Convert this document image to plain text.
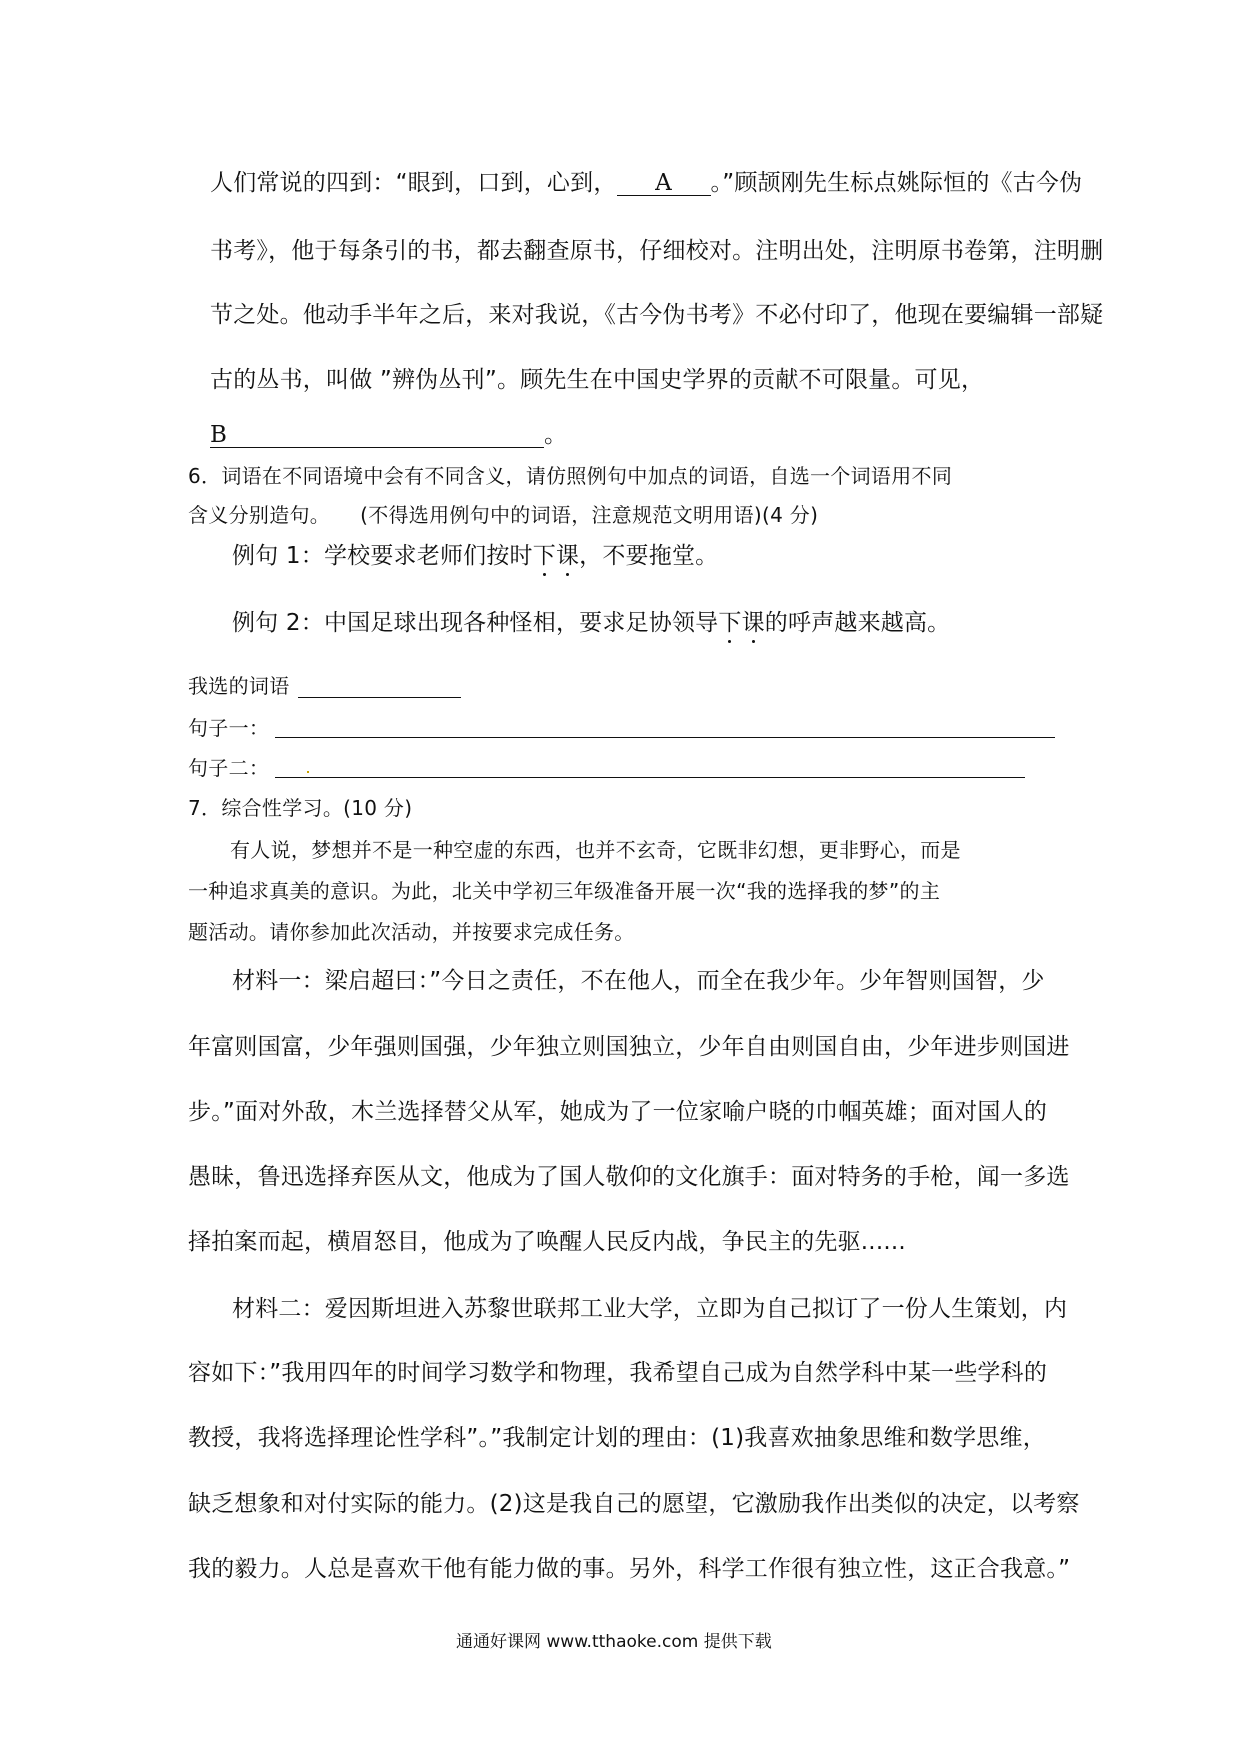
人们常说的四到：“眼到，口到，心到， A 。”顾颉刚先生标点姚际恒的《古今伪
书考》，他于每条引的书，都去翻查原书，仔细校对。注明出处，注明原书卷第，注明删
节之处。他动手半年之后，来对我说，《古今伪书考》不必付印了，他现在要编辑一部疑
古的丛书，叫做 ”辨伪丛刊”。顾先生在中国史学界的贡献不可限量。可见，
B	。
6．词语在不同语境中会有不同含义，请仿照例句中加点的词语，自选一个词语用不同
含义分别造句。 (不得选用例句中的词语，注意规范文明用语)(4 分)
例句 1：学校要求老师们按时下课，不要拖堂。
例句 2：中国足球出现各种怪相，要求足协领导下课的呼声越来越高。
我选的词语
句子一：
句子二：
7．综合性学习。(10 分)
有人说，梦想并不是一种空虚的东西，也并不玄奇，它既非幻想，更非野心，而是
一种追求真美的意识。为此，北关中学初三年级准备开展一次“我的选择我的梦”的主
题活动。请你参加此次活动，并按要求完成任务。
材料一：梁启超曰：”今日之责任，不在他人，而全在我少年。少年智则国智，少
年富则国富，少年强则国强，少年独立则国独立，少年自由则国自由，少年进步则国进
步。”面对外敌，木兰选择替父从军，她成为了一位家喻户晓的巾帼英雄；面对国人的
愚昧，鲁迅选择弃医从文，他成为了国人敬仰的文化旗手：面对特务的手枪，闻一多选
择拍案而起，横眉怒目，他成为了唤醒人民反内战，争民主的先驱......
材料二：爱因斯坦进入苏黎世联邦工业大学，立即为自己拟订了一份人生策划，内
容如下：”我用四年的时间学习数学和物理，我希望自己成为自然学科中某一些学科的
教授，我将选择理论性学科”。”我制定计划的理由：(1)我喜欢抽象思维和数学思维，
缺乏想象和对付实际的能力。(2)这是我自己的愿望，它激励我作出类似的决定，以考察
我的毅力。人总是喜欢干他有能力做的事。另外，科学工作很有独立性，这正合我意。”
通通好课网 www.tthaoke.com 提供下载
